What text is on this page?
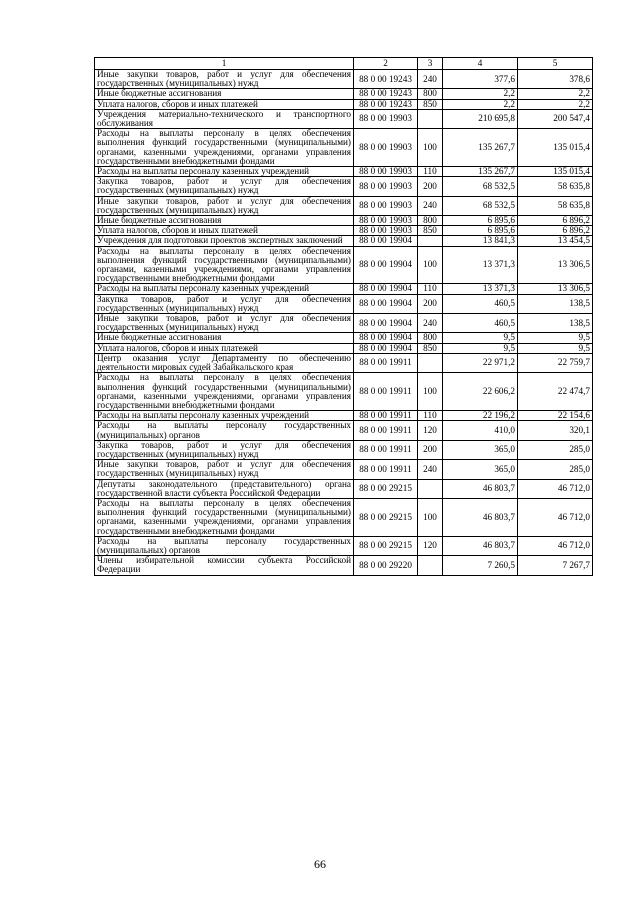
1	2	3	4	5
Иные закупки товаров, работ и услуг для обеспечения государственных (муниципальных) нужд	88 0 00 19243	240	377,6	378,6
Иные бюджетные ассигнования	88 0 00 19243	800	2,2	2,2
Уплата налогов, сборов и иных платежей	88 0 00 19243	850	2,2	2,2
Учреждения материально-технического и транспортного обслуживания	88 0 00 19903		210 695,8	200 547,4
Расходы на выплаты персоналу в целях обеспечения выполнения функций государственными (муниципальными) органами, казенными учреждениями, органами управления государственными внебюджетными фондами	88 0 00 19903	100	135 267,7	135 015,4
Расходы на выплаты персоналу казенных учреждений	88 0 00 19903	110	135 267,7	135 015,4
Закупка товаров, работ и услуг для обеспечения государственных (муниципальных) нужд	88 0 00 19903	200	68 532,5	58 635,8
Иные закупки товаров, работ и услуг для обеспечения государственных (муниципальных) нужд	88 0 00 19903	240	68 532,5	58 635,8
Иные бюджетные ассигнования	88 0 00 19903	800	6 895,6	6 896,2
Уплата налогов, сборов и иных платежей	88 0 00 19903	850	6 895,6	6 896,2
Учреждения для подготовки проектов экспертных заключений	88 0 00 19904		13 841,3	13 454,5
Расходы на выплаты персоналу в целях обеспечения выполнения функций государственными (муниципальными) органами, казенными учреждениями, органами управления государственными внебюджетными фондами	88 0 00 19904	100	13 371,3	13 306,5
Расходы на выплаты персоналу казенных учреждений	88 0 00 19904	110	13 371,3	13 306,5
Закупка товаров, работ и услуг для обеспечения государственных (муниципальных) нужд	88 0 00 19904	200	460,5	138,5
Иные закупки товаров, работ и услуг для обеспечения государственных (муниципальных) нужд	88 0 00 19904	240	460,5	138,5
Иные бюджетные ассигнования	88 0 00 19904	800	9,5	9,5
Уплата налогов, сборов и иных платежей	88 0 00 19904	850	9,5	9,5
Центр оказания услуг Департаменту по обеспечению деятельности мировых судей Забайкальского края	88 0 00 19911		22 971,2	22 759,7
Расходы на выплаты персоналу в целях обеспечения выполнения функций государственными (муниципальными) органами, казенными учреждениями, органами управления государственными внебюджетными фондами	88 0 00 19911	100	22 606,2	22 474,7
Расходы на выплаты персоналу казенных учреждений	88 0 00 19911	110	22 196,2	22 154,6
Расходы на выплаты персоналу государственных (муниципальных) органов	88 0 00 19911	120	410,0	320,1
Закупка товаров, работ и услуг для обеспечения государственных (муниципальных) нужд	88 0 00 19911	200	365,0	285,0
Иные закупки товаров, работ и услуг для обеспечения государственных (муниципальных) нужд	88 0 00 19911	240	365,0	285,0
Депутаты законодательного (представительного) органа государственной власти субъекта Российской Федерации	88 0 00 29215		46 803,7	46 712,0
Расходы на выплаты персоналу в целях обеспечения выполнения функций государственными (муниципальными) органами, казенными учреждениями, органами управления государственными внебюджетными фондами	88 0 00 29215	100	46 803,7	46 712,0
Расходы на выплаты персоналу государственных (муниципальных) органов	88 0 00 29215	120	46 803,7	46 712,0
Члены избирательной комиссии субъекта Российской Федерации	88 0 00 29220		7 260,5	7 267,7
66
